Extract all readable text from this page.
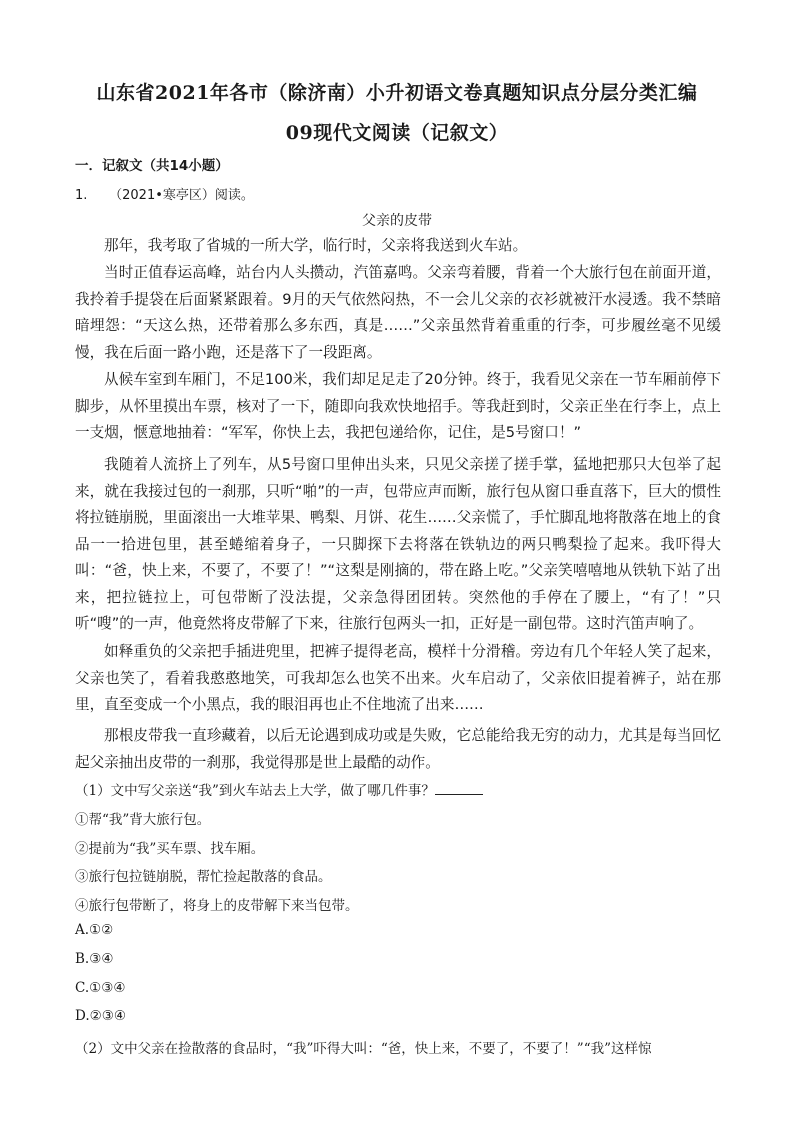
山东省2021年各市（除济南）小升初语文卷真题知识点分层分类汇编
09现代文阅读（记叙文）
一．记叙文（共14小题）
1. （2021•寒亭区）阅读。
父亲的皮带

那年，我考取了省城的一所大学，临行时，父亲将我送到火车站。

当时正值春运高峰，站台内人头攒动，汽笛嘉鸣。父亲弯着腰，背着一个大旅行包在前面开道，我拎着手提袋在后面紧紧跟着。9月的天气依然闷热，不一会儿父亲的衣衫就被汗水浸透。我不禁暗暗埋怨：“天这么热，还带着那么多东西，真是……”父亲虽然背着重重的行李，可步履丝毫不见缓慢，我在后面一路小跑，还是落下了一段距离。

从候车室到车厢门，不足100米，我们却足足走了20分钟。终于，我看见父亲在一节车厢前停下脚步，从怀里摸出车票，核对了一下，随即向我欢快地招手。等我赶到时，父亲正坐在行李上，点上一支烟，惬意地抽着：“军军，你快上去，我把包递给你，记住，是5号窗口！”

我随着人流挤上了列车，从5号窗口里伸出头来，只见父亲搓了搓手掌，猛地把那只大包举了起来，就在我接过包的一刹那，只听“啪”的一声，包带应声而断，旅行包从窗口垂直落下，巨大的惯性将拉链崩脱，里面滚出一大堆苹果、鸭梨、月饼、花生……父亲慌了，手忙脚乱地将散落在地上的食品一一拾进包里，甚至蜷缩着身子，一只脚探下去将落在铁轨边的两只鸭梨捡了起来。我吓得大叫：“爸，快上来，不要了，不要了！”“这梨是刚摘的，带在路上吃。”父亲笑嘻嘻地从铁轨下站了出来，把拉链拉上，可包带断了没法提，父亲急得团团转。突然他的手停在了腰上，“有了！”只听“嗖”的一声，他竟然将皮带解了下来，往旅行包两头一扣，正好是一副包带。这时汽笛声响了。

如释重负的父亲把手插进兜里，把裤子提得老高，模样十分滑稽。旁边有几个年轻人笑了起来，父亲也笑了，看着我憨憨地笑，可我却怎么也笑不出来。火车启动了，父亲依旧提着裤子，站在那里，直至变成一个小黑点，我的眼泪再也止不住地流了出来……

那根皮带我一直珍藏着，以后无论遇到成功或是失败，它总能给我无穷的动力，尤其是每当回忆起父亲抽出皮带的一刹那，我觉得那是世上最酷的动作。

（1）文中写父亲送“我”到火车站去上大学，做了哪几件事？
①帮“我”背大旅行包。
②提前为“我”买车票、找车厢。
③旅行包拉链崩脱，帮忙捡起散落的食品。
④旅行包带断了，将身上的皮带解下来当包带。
A.①②
B.③④
C.①③④
D.②③④
（2）文中父亲在捡散落的食品时，“我”吓得大叫：“爸，快上来，不要了，不要了！”“我”这样惊
